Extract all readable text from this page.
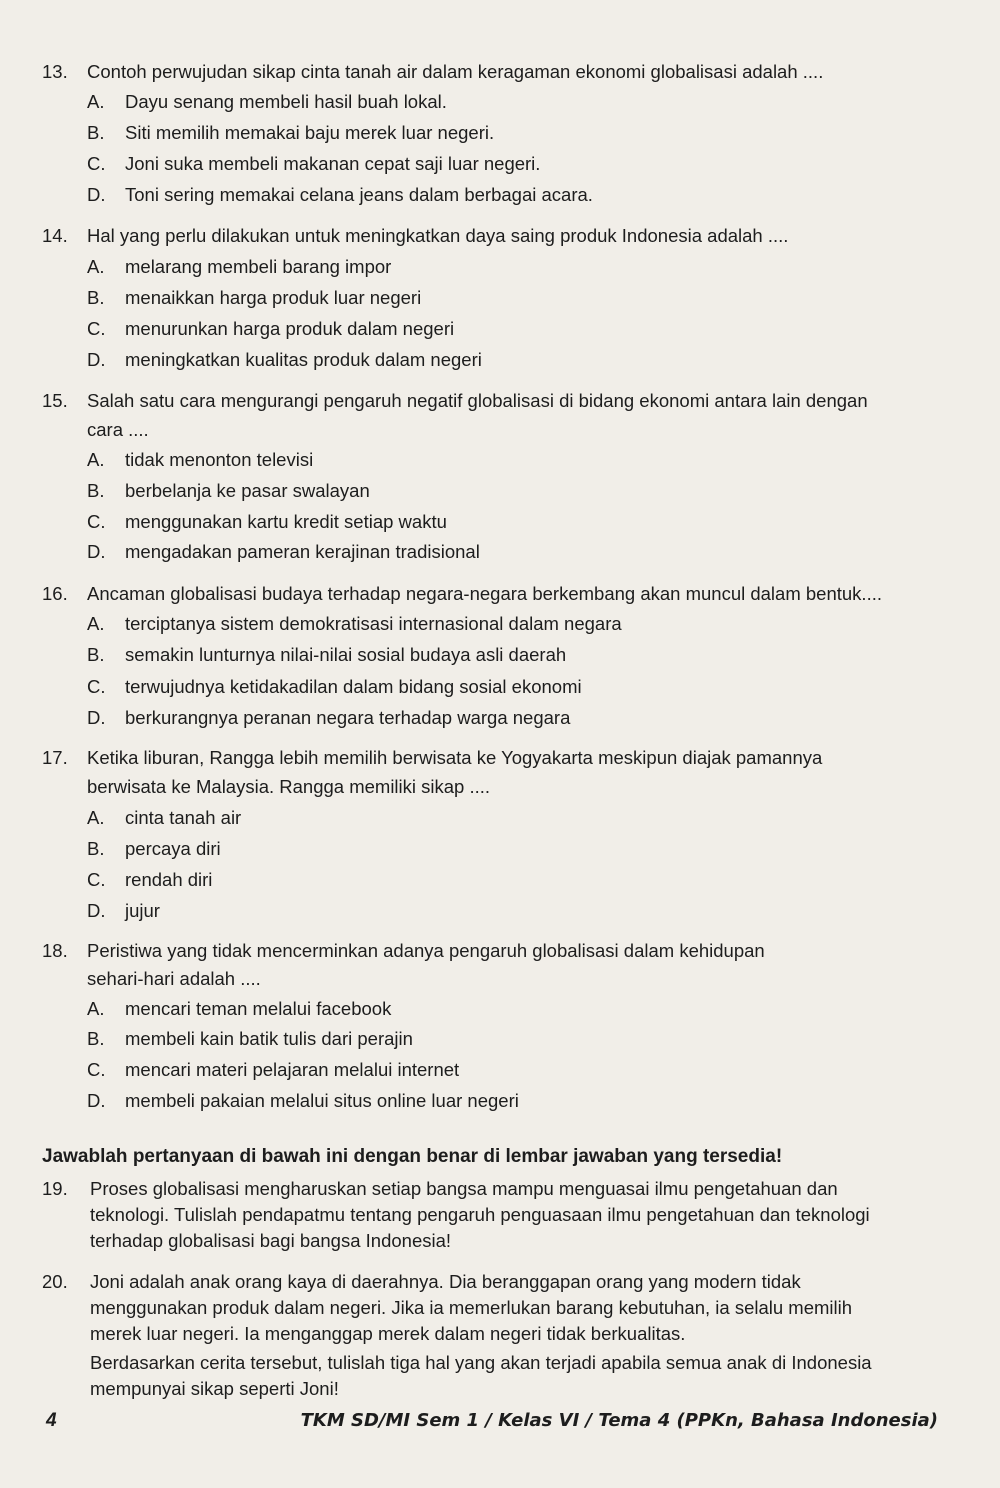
13. Contoh perwujudan sikap cinta tanah air dalam keragaman ekonomi globalisasi adalah ....
A. Dayu senang membeli hasil buah lokal.
B. Siti memilih memakai baju merek luar negeri.
C. Joni suka membeli makanan cepat saji luar negeri.
D. Toni sering memakai celana jeans dalam berbagai acara.
14. Hal yang perlu dilakukan untuk meningkatkan daya saing produk Indonesia adalah ....
A. melarang membeli barang impor
B. menaikkan harga produk luar negeri
C. menurunkan harga produk dalam negeri
D. meningkatkan kualitas produk dalam negeri
15. Salah satu cara mengurangi pengaruh negatif globalisasi di bidang ekonomi antara lain dengan
cara ....
A. tidak menonton televisi
B. berbelanja ke pasar swalayan
C. menggunakan kartu kredit setiap waktu
D. mengadakan pameran kerajinan tradisional
16. Ancaman globalisasi budaya terhadap negara-negara berkembang akan muncul dalam bentuk....
A. terciptanya sistem demokratisasi internasional dalam negara
B. semakin lunturnya nilai-nilai sosial budaya asli daerah
C. terwujudnya ketidakadilan dalam bidang sosial ekonomi
D. berkurangnya peranan negara terhadap warga negara
17. Ketika liburan, Rangga lebih memilih berwisata ke Yogyakarta meskipun diajak pamannya
berwisata ke Malaysia. Rangga memiliki sikap ....
A. cinta tanah air
B. percaya diri
C. rendah diri
D. jujur
18. Peristiwa yang tidak mencerminkan adanya pengaruh globalisasi dalam kehidupan
sehari-hari adalah ....
A. mencari teman melalui facebook
B. membeli kain batik tulis dari perajin
C. mencari materi pelajaran melalui internet
D. membeli pakaian melalui situs online luar negeri
Jawablah pertanyaan di bawah ini dengan benar di lembar jawaban yang tersedia!
19. Proses globalisasi mengharuskan setiap bangsa mampu menguasai ilmu pengetahuan dan
teknologi. Tulislah pendapatmu tentang pengaruh penguasaan ilmu pengetahuan dan teknologi
terhadap globalisasi bagi bangsa Indonesia!
20. Joni adalah anak orang kaya di daerahnya. Dia beranggapan orang yang modern tidak
menggunakan produk dalam negeri. Jika ia memerlukan barang kebutuhan, ia selalu memilih
merek luar negeri. Ia menganggap merek dalam negeri tidak berkualitas.
Berdasarkan cerita tersebut, tulislah tiga hal yang akan terjadi apabila semua anak di Indonesia
mempunyai sikap seperti Joni!
4	TKM SD/MI Sem 1 / Kelas VI / Tema 4 (PPKn, Bahasa Indonesia)
